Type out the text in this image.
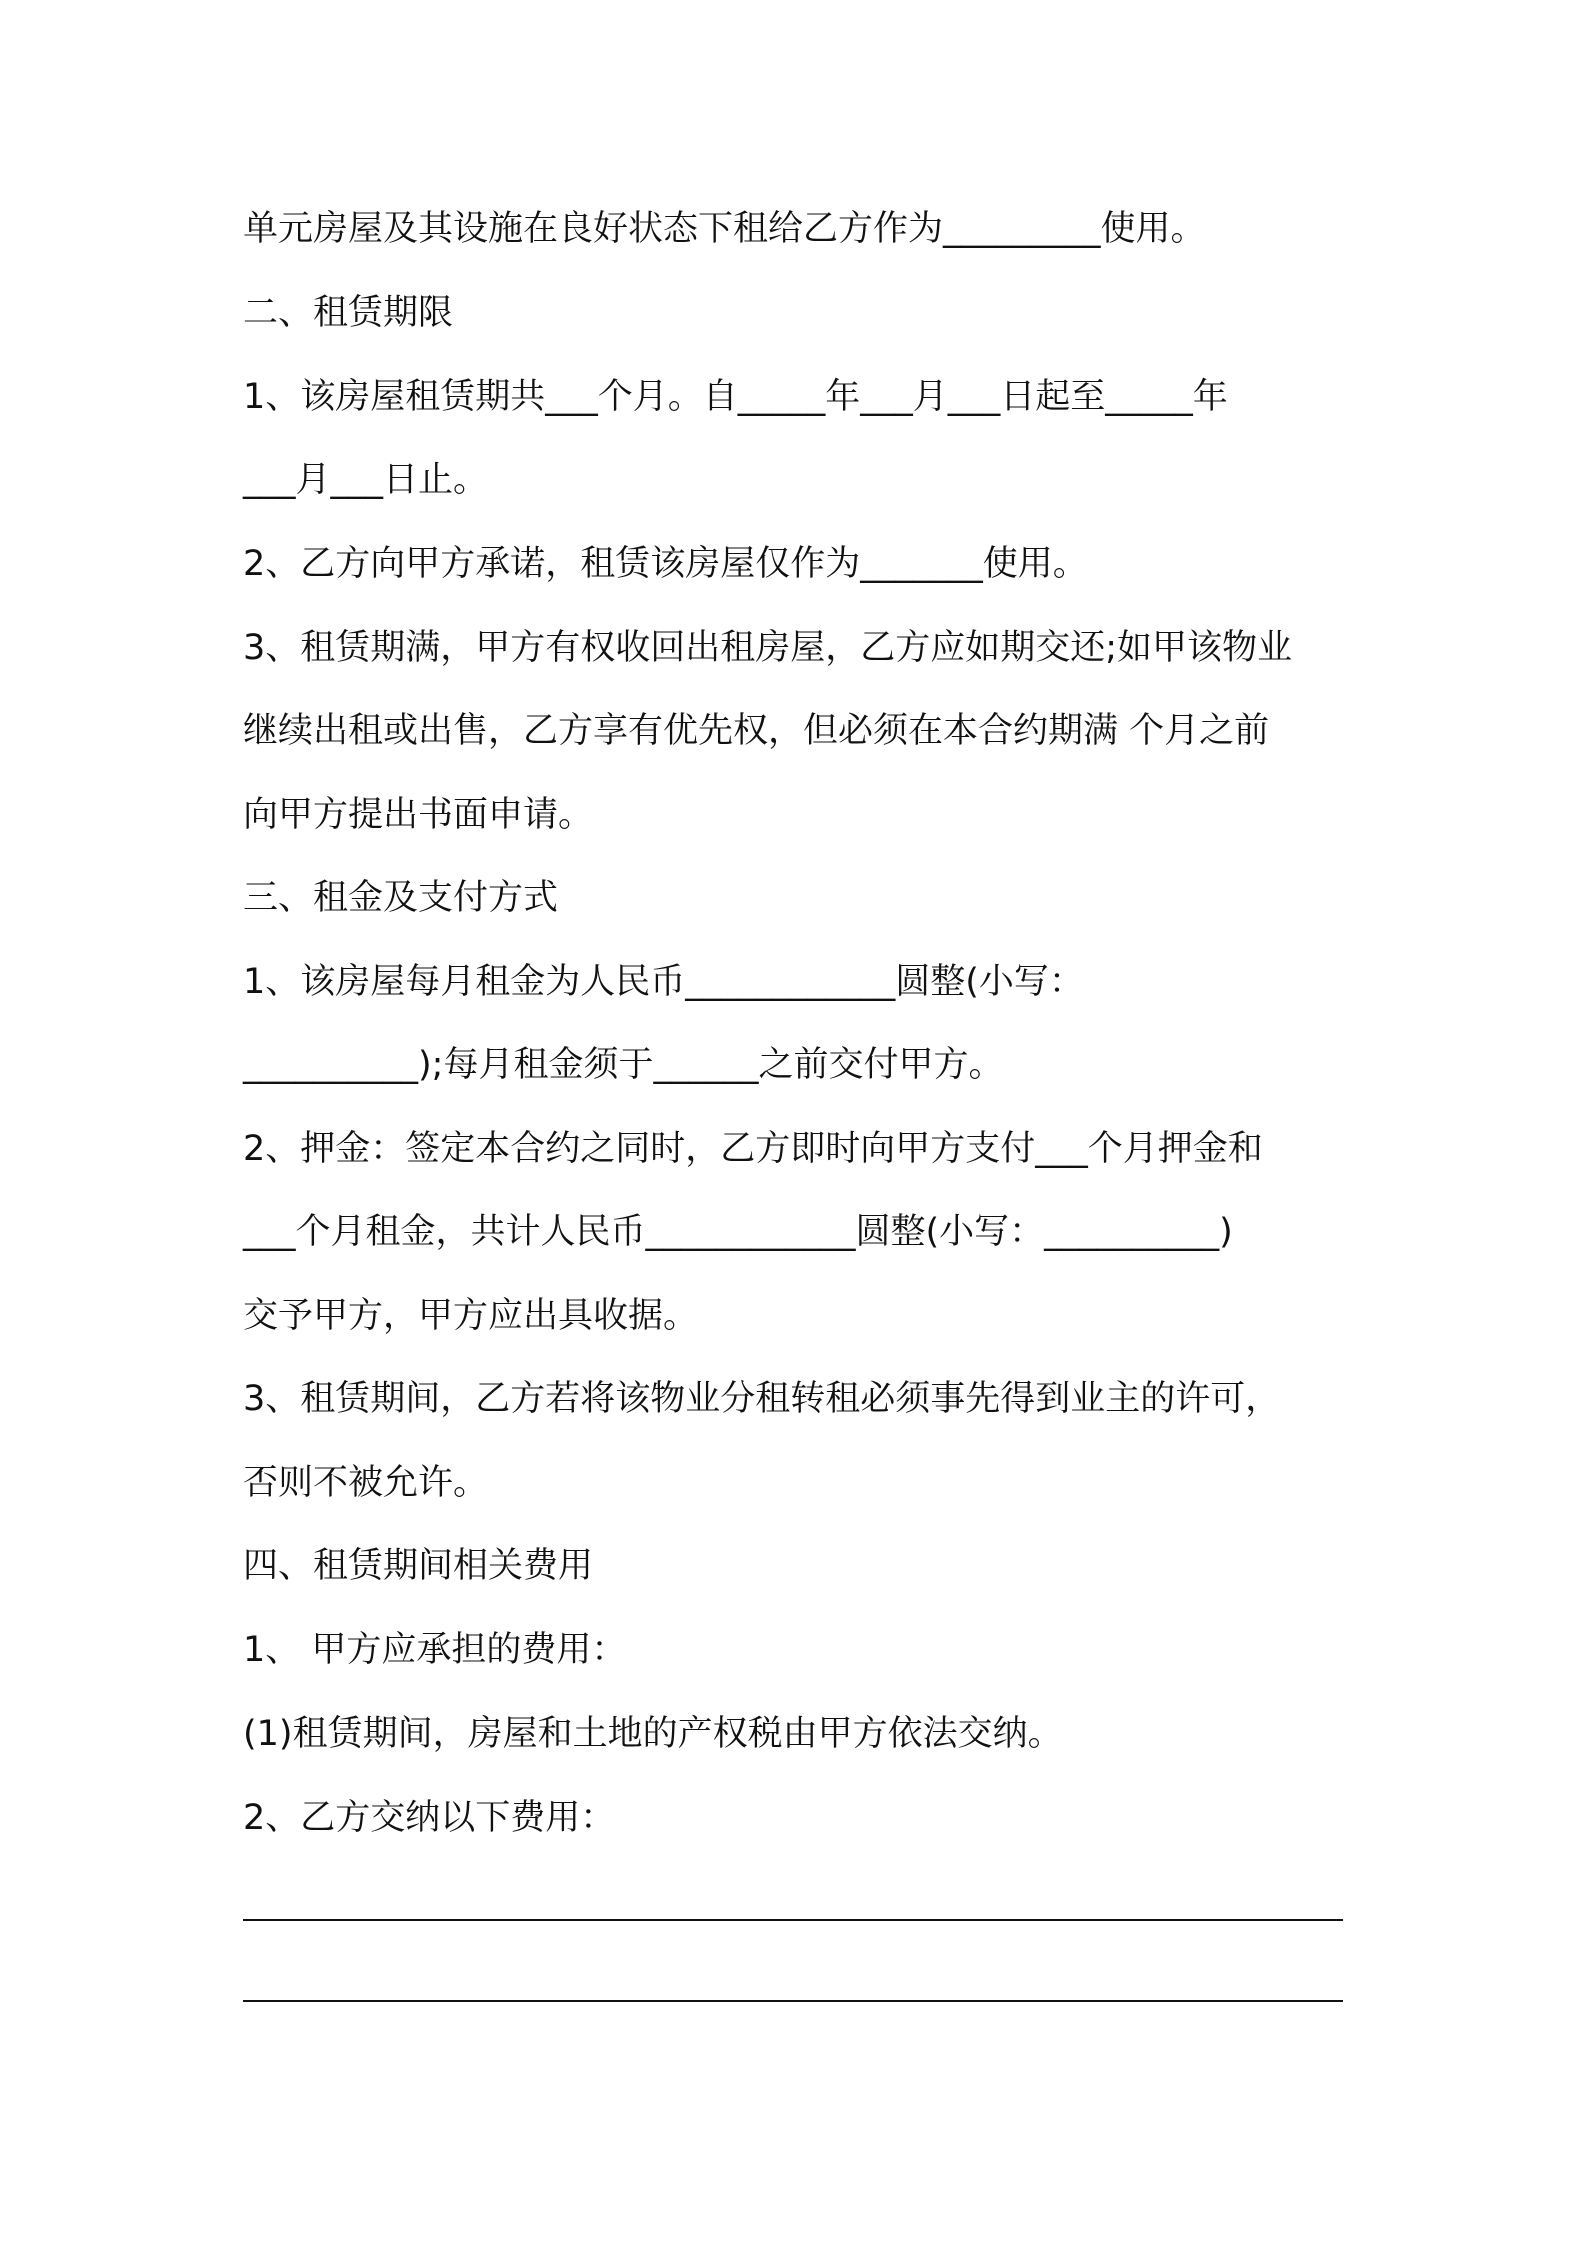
单元房屋及其设施在良好状态下租给乙方作为_________使用。
二、租赁期限
1、该房屋租赁期共___个月。自_____年___月___日起至_____年
___月___日止。
2、乙方向甲方承诺，租赁该房屋仅作为_______使用。
3、租赁期满，甲方有权收回出租房屋，乙方应如期交还;如甲该物业
继续出租或出售，乙方享有优先权，但必须在本合约期满 个月之前
向甲方提出书面申请。
三、租金及支付方式
1、该房屋每月租金为人民币____________圆整(小写：
__________);每月租金须于______之前交付甲方。
2、押金：签定本合约之同时，乙方即时向甲方支付___个月押金和
___个月租金，共计人民币____________圆整(小写：__________)
交予甲方，甲方应出具收据。
3、租赁期间，乙方若将该物业分租转租必须事先得到业主的许可，
否则不被允许。
四、租赁期间相关费用
1、 甲方应承担的费用：
(1)租赁期间，房屋和土地的产权税由甲方依法交纳。
2、乙方交纳以下费用：
